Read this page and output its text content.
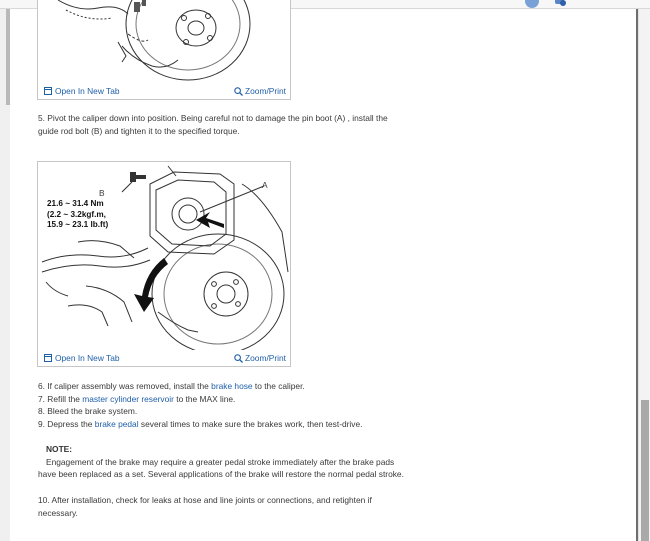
Open In New Tab	Zoom/Print
5. Pivot the caliper down into position. Being careful not to damage the pin boot (A) , install the
guide rod bolt (B) and tighten it to the specified torque.
A
B
21.6 ~ 31.4 Nm
(2.2 ~ 3.2kgf.m,
15.9 ~ 23.1 lb.ft)
Open In New Tab	Zoom/Print
6. If caliper assembly was removed, install the brake hose to the caliper.
7. Refill the master cylinder reservoir to the MAX line.
8. Bleed the brake system.
9. Depress the brake pedal several times to make sure the brakes work, then test-drive.
NOTE:
Engagement of the brake may require a greater pedal stroke immediately after the brake pads
have been replaced as a set. Several applications of the brake will restore the normal pedal stroke.
10. After installation, check for leaks at hose and line joints or connections, and retighten if
necessary.
